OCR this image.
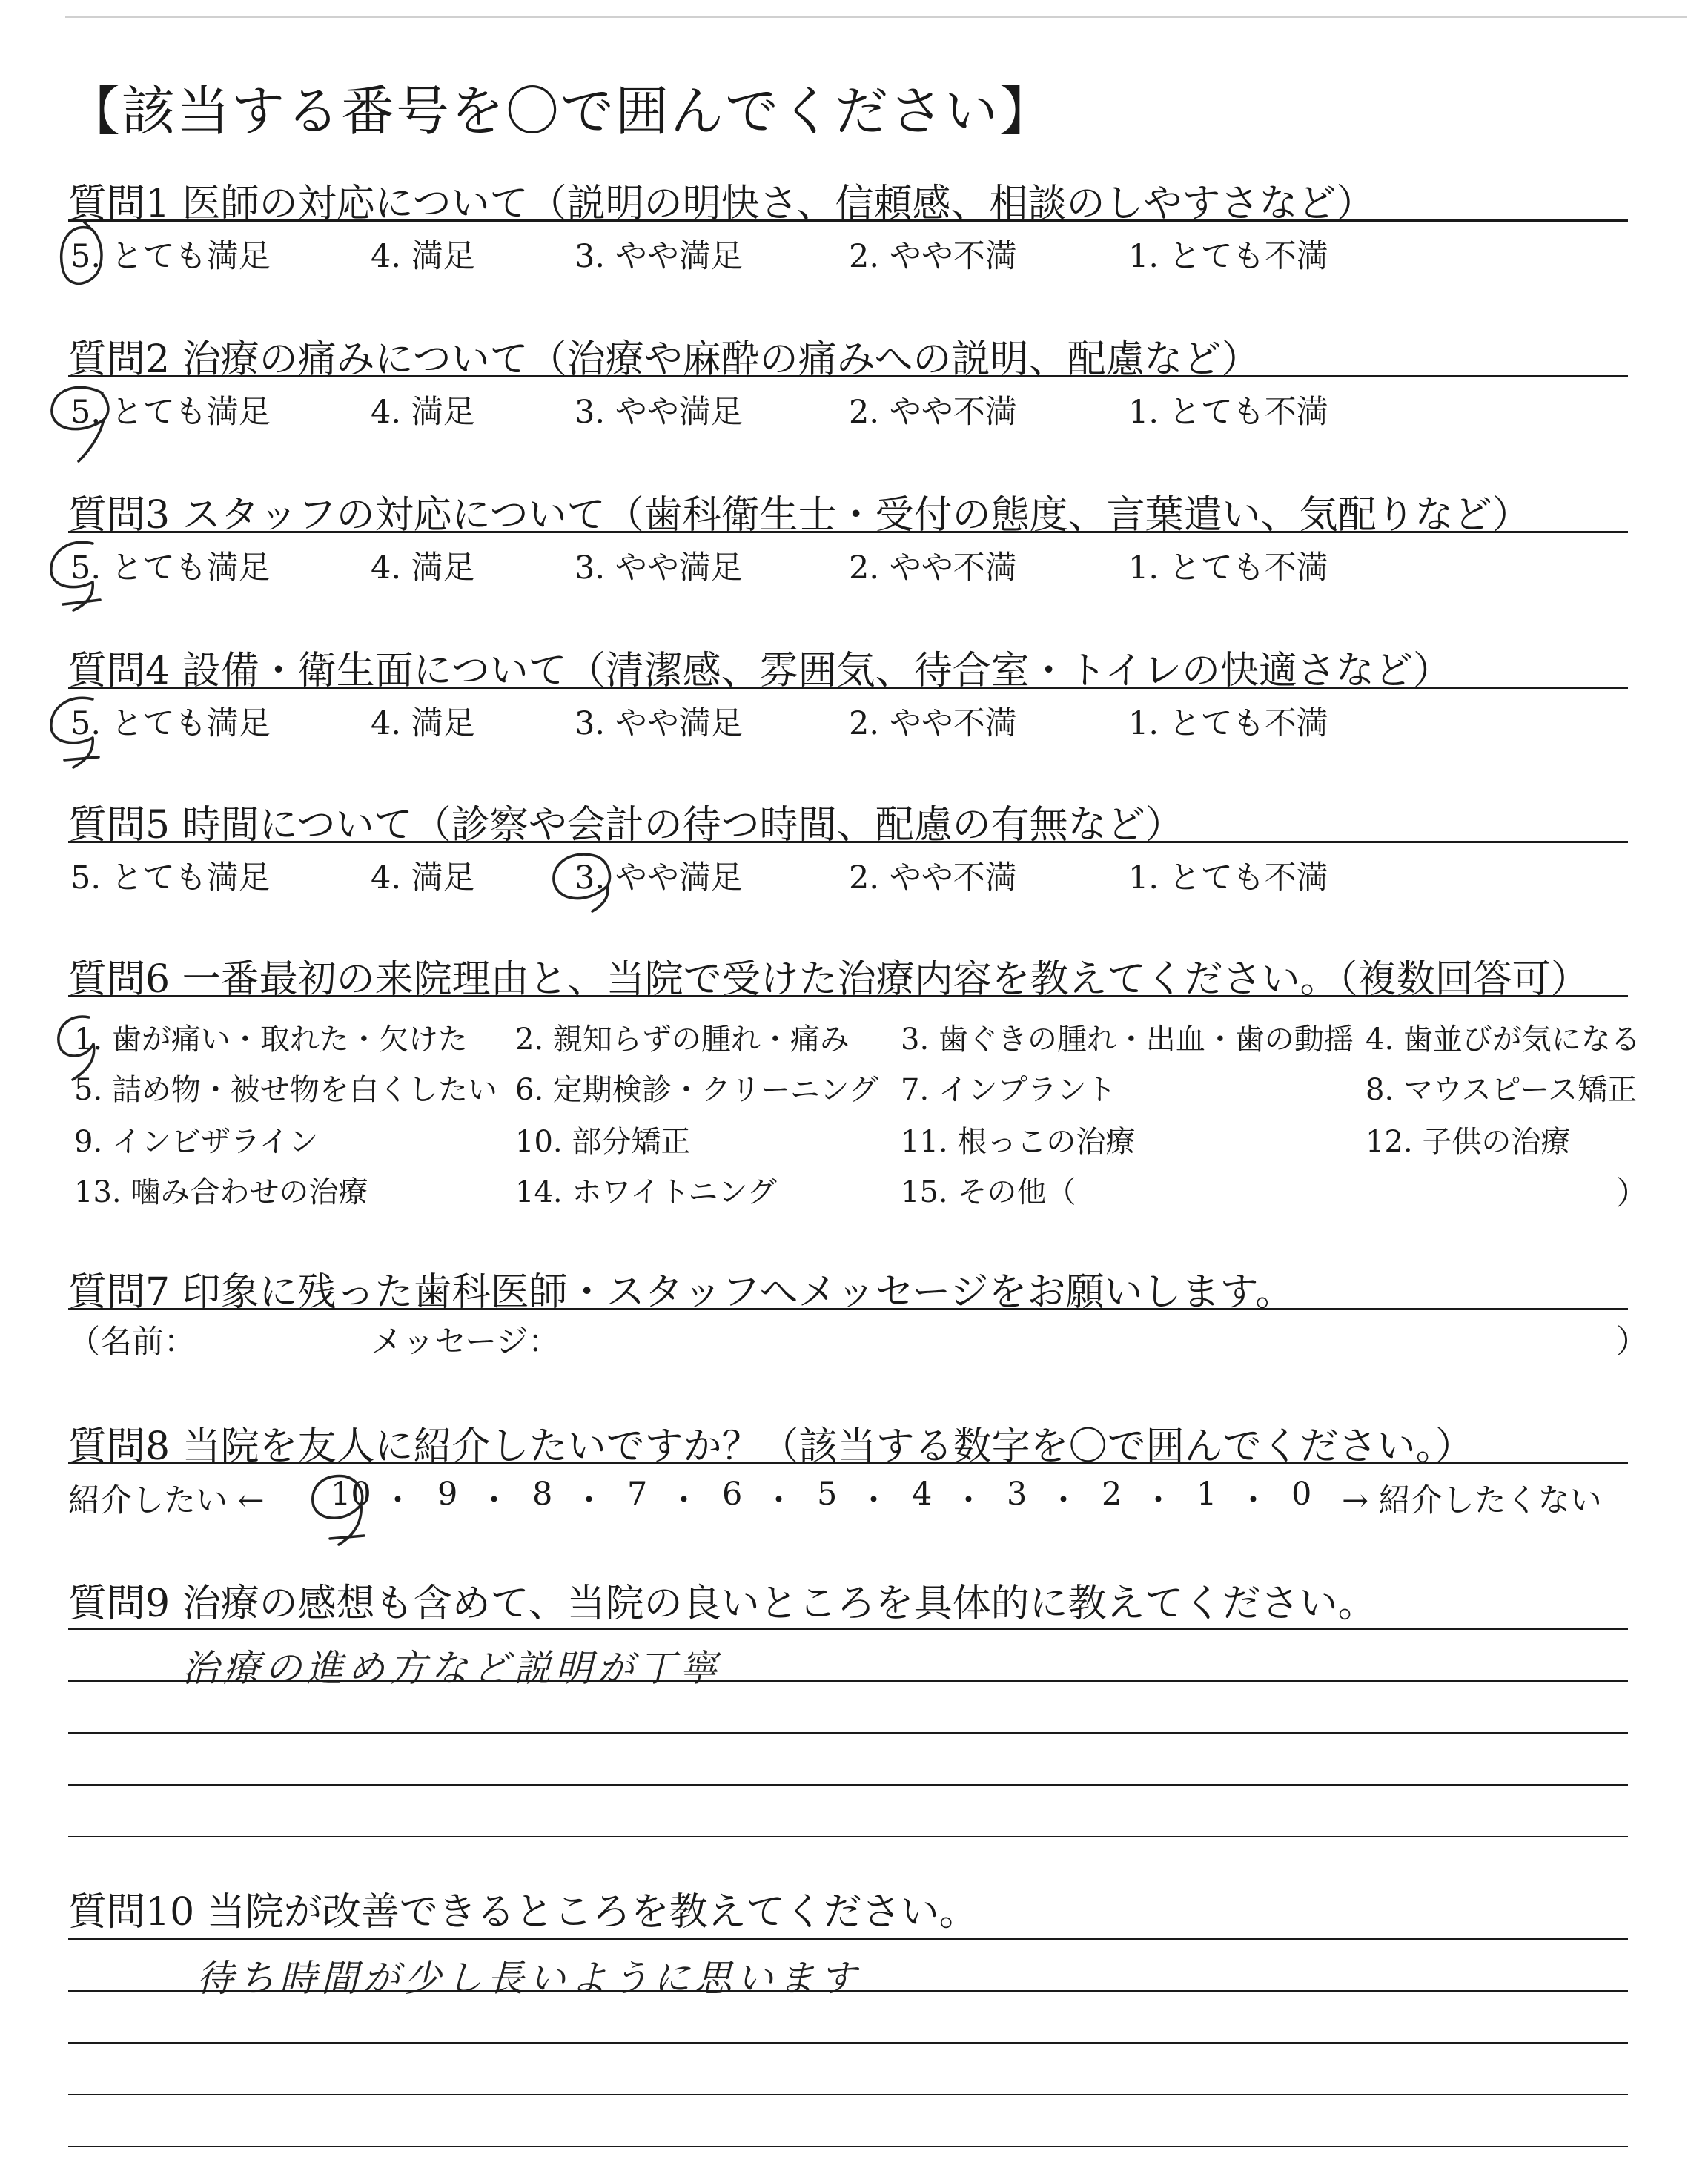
【該当する番号を〇で囲んでください】
質問1 医師の対応について（説明の明快さ、信頼感、相談のしやすさなど）
5. とても満足	4. 満足	3. やや満足	2. やや不満	1. とても不満
質問2 治療の痛みについて（治療や麻酔の痛みへの説明、配慮など）
5. とても満足	4. 満足	3. やや満足	2. やや不満	1. とても不満
質問3 スタッフの対応について（歯科衛生士・受付の態度、言葉遣い、気配りなど）
5. とても満足	4. 満足	3. やや満足	2. やや不満	1. とても不満
質問4 設備・衛生面について（清潔感、雰囲気、待合室・トイレの快適さなど）
5. とても満足	4. 満足	3. やや満足	2. やや不満	1. とても不満
質問5 時間について（診察や会計の待つ時間、配慮の有無など）
5. とても満足	4. 満足	3. やや満足	2. やや不満	1. とても不満
質問6 一番最初の来院理由と、当院で受けた治療内容を教えてください。（複数回答可）
1. 歯が痛い・取れた・欠けた 2. 親知らずの腫れ・痛み 3. 歯ぐきの腫れ・出血・歯の動揺 4. 歯並びが気になる
5. 詰め物・被せ物を白くしたい 6. 定期検診・クリーニング 7. インプラント	8. マウスピース矯正
9. インビザライン	10. 部分矯正	11. 根っこの治療	12. 子供の治療
13. 噛み合わせの治療	14. ホワイトニング	15. その他（	）
質問7 印象に残った歯科医師・スタッフへメッセージをお願いします。
（名前：	メッセージ：	）
質問8 当院を友人に紹介したいですか？（該当する数字を〇で囲んでください。）
紹介したい ← 10 ・ 9 ・ 8 ・ 7 ・ 6 ・ 5 ・ 4 ・ 3 ・ 2 ・ 1 ・ 0 → 紹介したくない
質問9 治療の感想も含めて、当院の良いところを具体的に教えてください。
治療の進め方など説明が丁寧
質問10 当院が改善できるところを教えてください。
待ち時間が少し長いように思います
